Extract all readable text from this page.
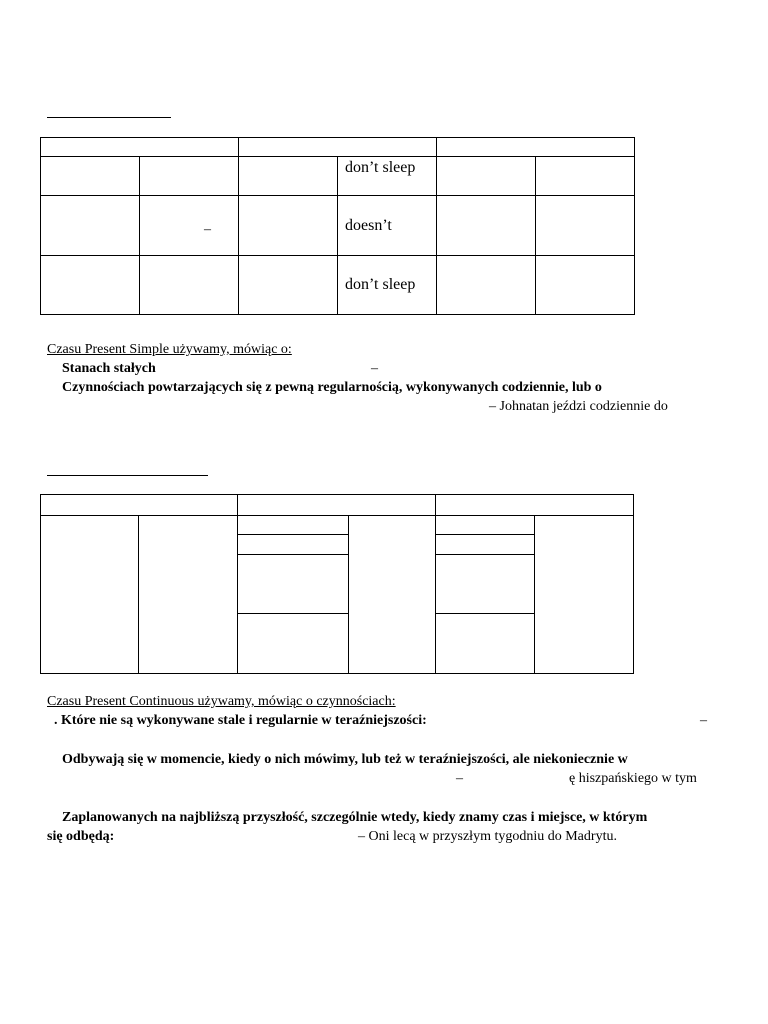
			don’t sleep		

	–		doesn’t		

			don’t sleep		

Czasu Present Simple używamy, mówiąc o:
Stanach stałych	–
Czynnościach powtarzających się z pewną regularnością, wykonywanych codziennie, lub o
– Johnatan jeździ codziennie do
Czasu Present Continuous używamy, mówiąc o czynnościach:
. Które nie są wykonywane stale i regularnie w teraźniejszości:	–
Odbywają się w momencie, kiedy o nich mówimy, lub też w teraźniejszości, ale niekoniecznie w
–	ę hiszpańskiego w tym
Zaplanowanych na najbliższą przyszłość, szczególnie wtedy, kiedy znamy czas i miejsce, w którym
się odbędą:	– Oni lecą w przyszłym tygodniu do Madrytu.
